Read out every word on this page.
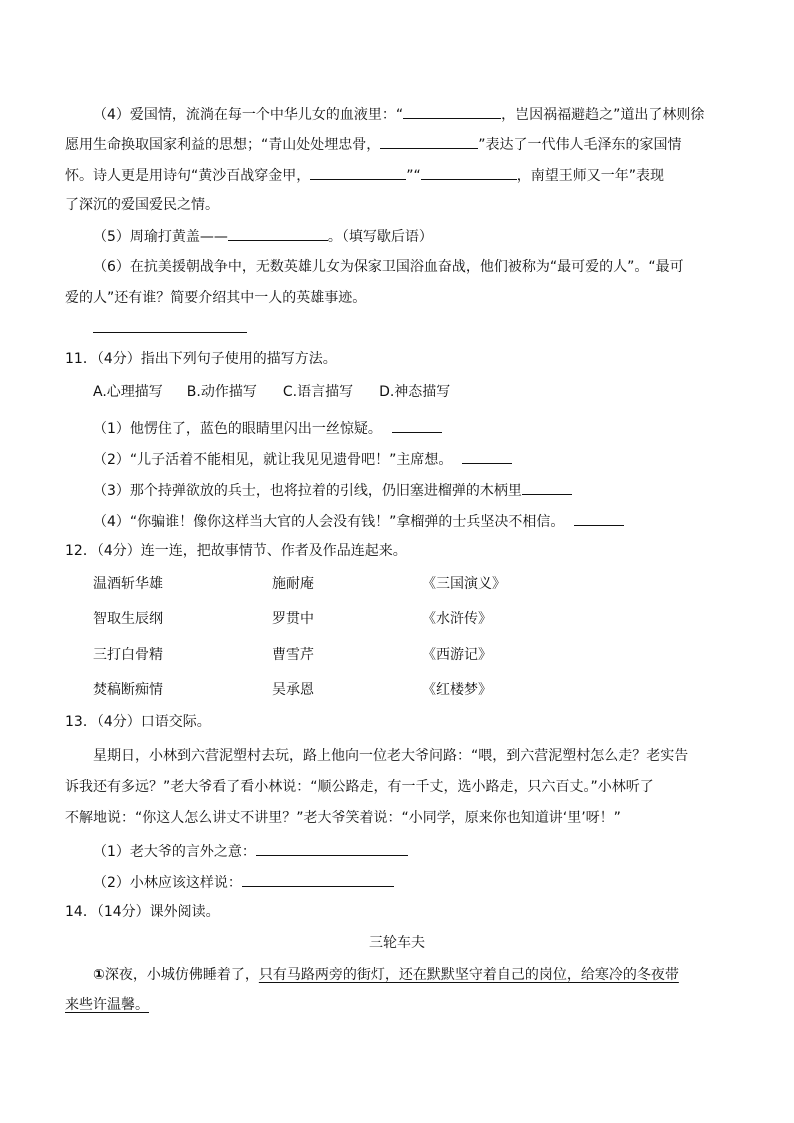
（4）爱国情，流淌在每一个中华儿女的血液里：“	，岂因祸福避趋之”道出了林则徐
愿用生命换取国家利益的思想；“青山处处埋忠骨，	”表达了一代伟人毛泽东的家国情
怀。诗人更是用诗句“黄沙百战穿金甲，	”“	，南望王师又一年”表现
了深沉的爱国爱民之情。
（5）周瑜打黄盖——	。（填写歇后语）
（6）在抗美援朝战争中，无数英雄儿女为保家卫国浴血奋战，他们被称为“最可爱的人”。“最可
爱的人”还有谁？简要介绍其中一人的英雄事迹。
11．（4分）指出下列句子使用的描写方法。
A.心理描写 B.动作描写 C.语言描写 D.神态描写
（1）他愣住了，蓝色的眼睛里闪出一丝惊疑。
（2）“儿子活着不能相见，就让我见见遗骨吧！”主席想。
（3）那个持弹欲放的兵士，也将拉着的引线，仍旧塞进榴弹的木柄里
（4）“你骗谁！像你这样当大官的人会没有钱！”拿榴弹的士兵坚决不相信。
12．（4分）连一连，把故事情节、作者及作品连起来。
温酒斩华雄	施耐庵	《三国演义》
智取生辰纲	罗贯中	《水浒传》
三打白骨精	曹雪芹	《西游记》
焚稿断痴情	吴承恩	《红楼梦》
13．（4分）口语交际。
星期日，小林到六营泥塑村去玩，路上他向一位老大爷问路：“喂，到六营泥塑村怎么走？老实告
诉我还有多远？”老大爷看了看小林说：“顺公路走，有一千丈，选小路走，只六百丈。”小林听了
不解地说：“你这人怎么讲丈不讲里？”老大爷笑着说：“小同学，原来你也知道讲‘里’呀！”
（1）老大爷的言外之意：
（2）小林应该这样说：
14．（14分）课外阅读。
三轮车夫
①深夜，小城仿佛睡着了，只有马路两旁的街灯，还在默默坚守着自己的岗位，给寒冷的冬夜带
来些许温馨。
